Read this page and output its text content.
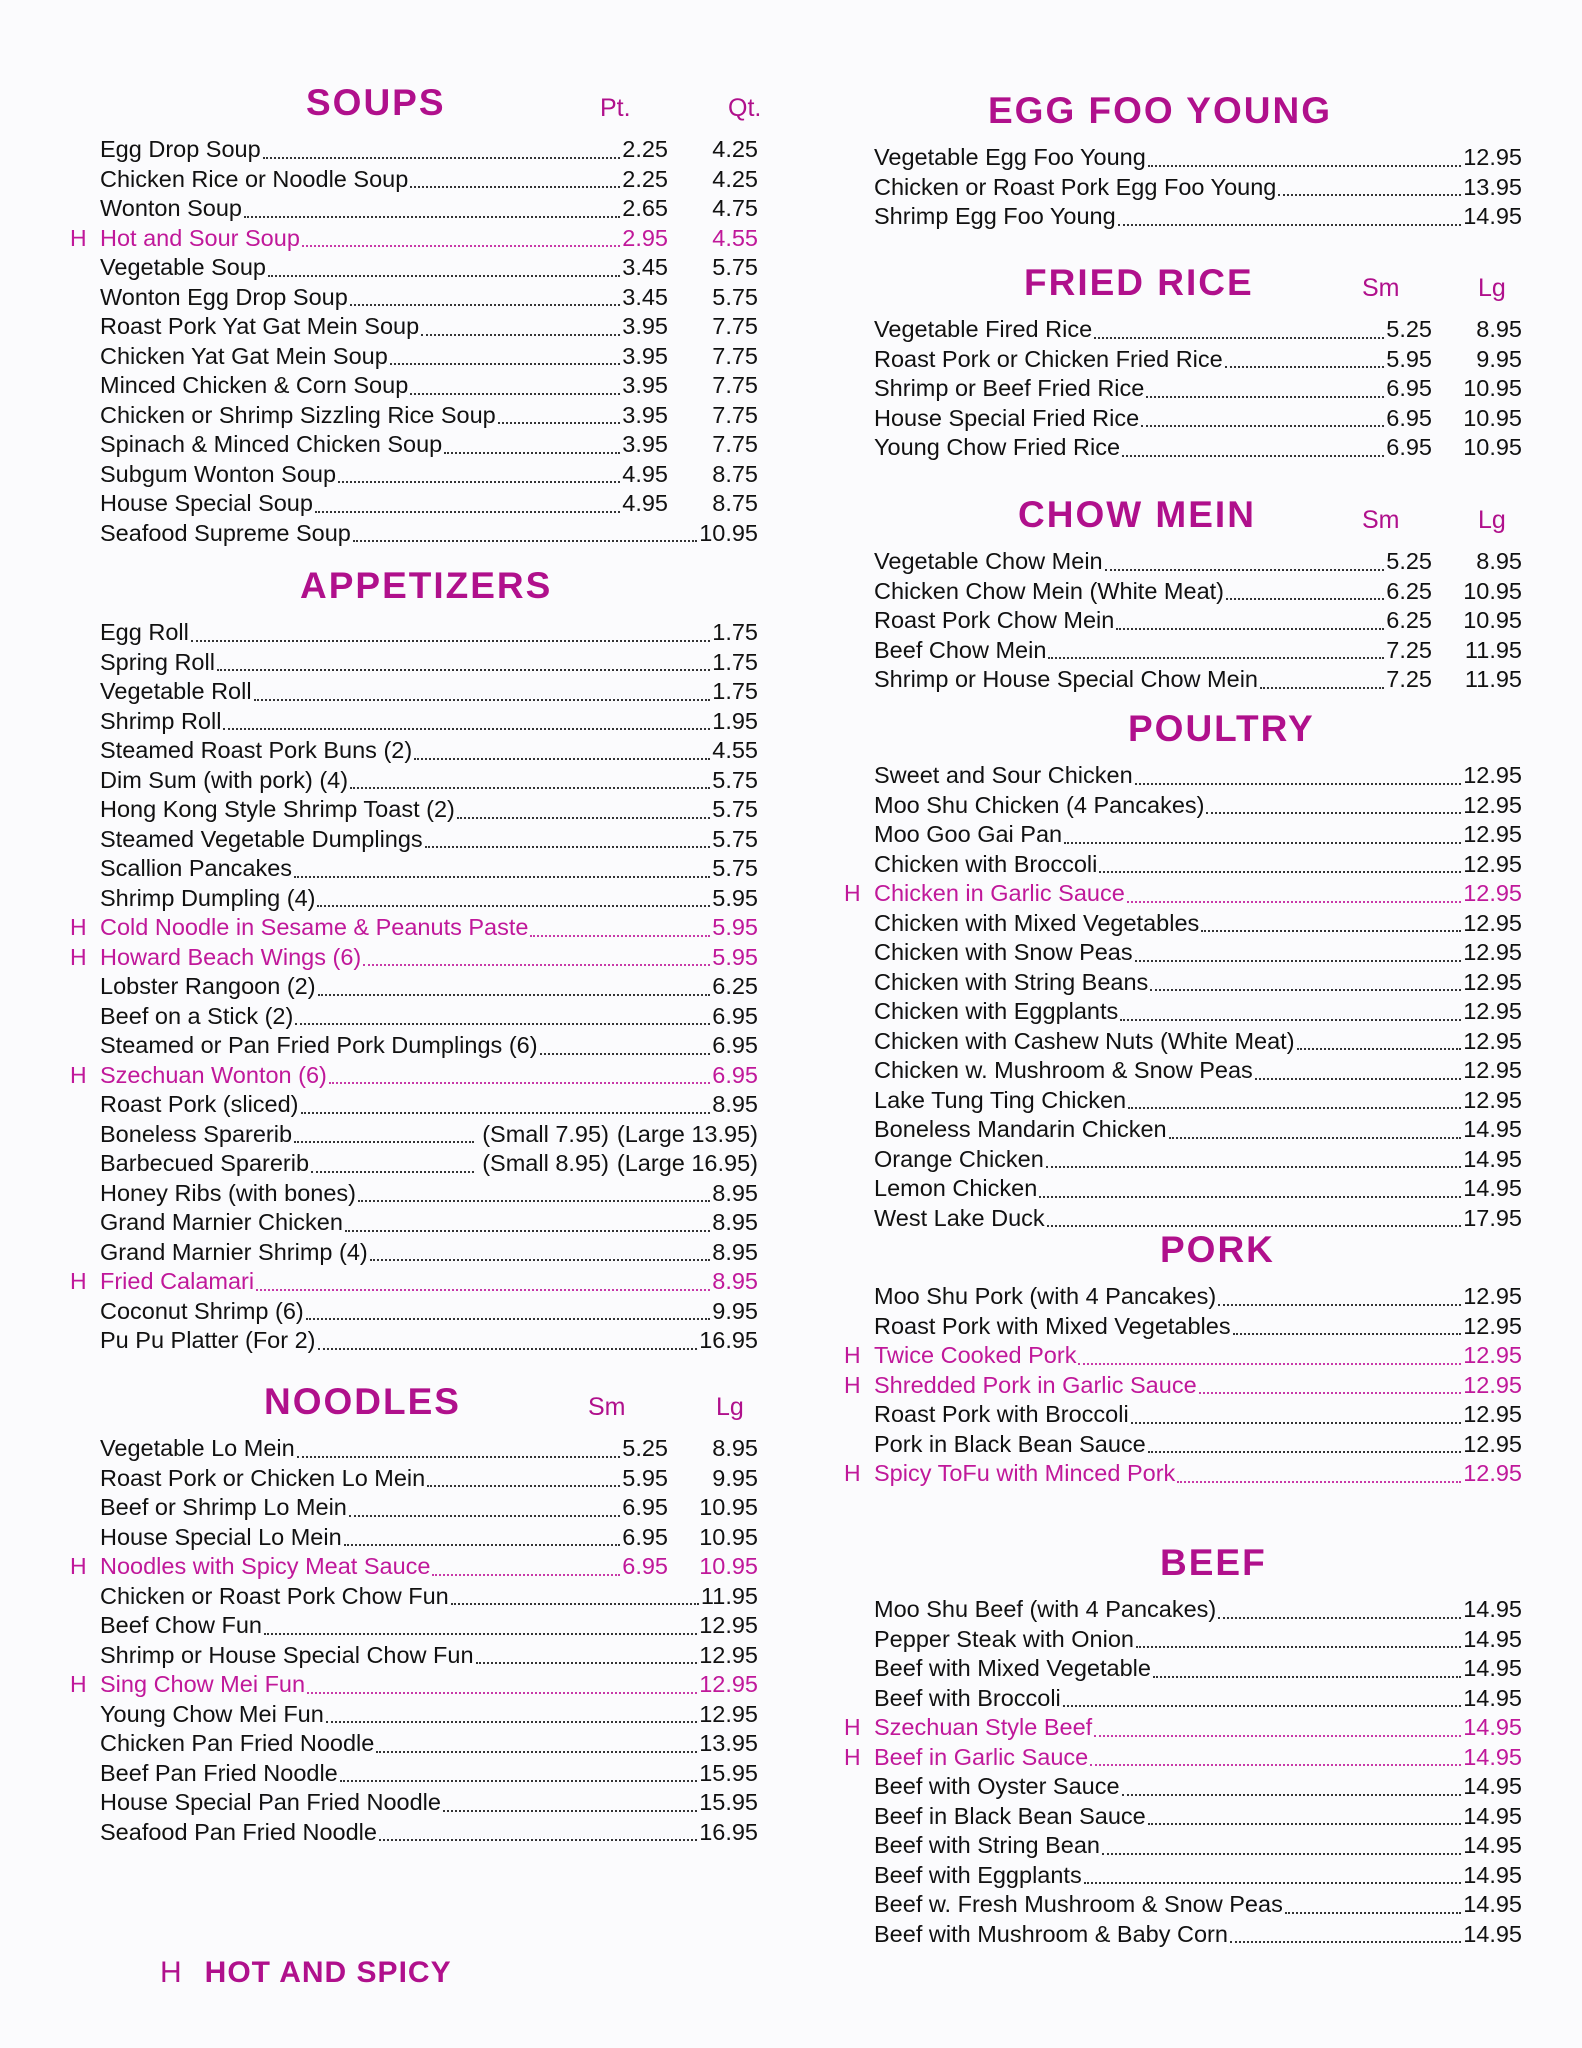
SOUPS	Pt.	Qt.
Egg Drop Soup	2.25	4.25
Chicken Rice or Noodle Soup	2.25	4.25
Wonton Soup	2.65	4.75
H Hot and Sour Soup	2.95	4.55
Vegetable Soup	3.45	5.75
Wonton Egg Drop Soup	3.45	5.75
Roast Pork Yat Gat Mein Soup	3.95	7.75
Chicken Yat Gat Mein Soup	3.95	7.75
Minced Chicken & Corn Soup	3.95	7.75
Chicken or Shrimp Sizzling Rice Soup	3.95	7.75
Spinach & Minced Chicken Soup	3.95	7.75
Subgum Wonton Soup	4.95	8.75
House Special Soup	4.95	8.75
Seafood Supreme Soup	10.95
APPETIZERS
Egg Roll	1.75
Spring Roll	1.75
Vegetable Roll	1.75
Shrimp Roll	1.95
Steamed Roast Pork Buns (2)	4.55
Dim Sum (with pork) (4)	5.75
Hong Kong Style Shrimp Toast (2)	5.75
Steamed Vegetable Dumplings	5.75
Scallion Pancakes	5.75
Shrimp Dumpling (4)	5.95
H Cold Noodle in Sesame & Peanuts Paste	5.95
H Howard Beach Wings (6)	5.95
Lobster Rangoon (2)	6.25
Beef on a Stick (2)	6.95
Steamed or Pan Fried Pork Dumplings (6)	6.95
H Szechuan Wonton (6)	6.95
Roast Pork (sliced)	8.95
Boneless Sparerib	(Small 7.95) (Large 13.95)
Barbecued Sparerib	(Small 8.95) (Large 16.95)
Honey Ribs (with bones)	8.95
Grand Marnier Chicken	8.95
Grand Marnier Shrimp (4)	8.95
H Fried Calamari	8.95
Coconut Shrimp (6)	9.95
Pu Pu Platter (For 2)	16.95
NOODLES	Sm	Lg
Vegetable Lo Mein	5.25	8.95
Roast Pork or Chicken Lo Mein	5.95	9.95
Beef or Shrimp Lo Mein	6.95	10.95
House Special Lo Mein	6.95	10.95
H Noodles with Spicy Meat Sauce	6.95	10.95
Chicken or Roast Pork Chow Fun	11.95
Beef Chow Fun	12.95
Shrimp or House Special Chow Fun	12.95
H Sing Chow Mei Fun	12.95
Young Chow Mei Fun	12.95
Chicken Pan Fried Noodle	13.95
Beef Pan Fried Noodle	15.95
House Special Pan Fried Noodle	15.95
Seafood Pan Fried Noodle	16.95
EGG FOO YOUNG
Vegetable Egg Foo Young	12.95
Chicken or Roast Pork Egg Foo Young	13.95
Shrimp Egg Foo Young	14.95
FRIED RICE	Sm	Lg
Vegetable Fired Rice	5.25	8.95
Roast Pork or Chicken Fried Rice	5.95	9.95
Shrimp or Beef Fried Rice	6.95	10.95
House Special Fried Rice	6.95	10.95
Young Chow Fried Rice	6.95	10.95
CHOW MEIN	Sm	Lg
Vegetable Chow Mein	5.25	8.95
Chicken Chow Mein (White Meat)	6.25	10.95
Roast Pork Chow Mein	6.25	10.95
Beef Chow Mein	7.25	11.95
Shrimp or House Special Chow Mein	7.25	11.95
POULTRY
Sweet and Sour Chicken	12.95
Moo Shu Chicken (4 Pancakes)	12.95
Moo Goo Gai Pan	12.95
Chicken with Broccoli	12.95
H Chicken in Garlic Sauce	12.95
Chicken with Mixed Vegetables	12.95
Chicken with Snow Peas	12.95
Chicken with String Beans	12.95
Chicken with Eggplants	12.95
Chicken with Cashew Nuts (White Meat)	12.95
Chicken w. Mushroom & Snow Peas	12.95
Lake Tung Ting Chicken	12.95
Boneless Mandarin Chicken	14.95
Orange Chicken	14.95
Lemon Chicken	14.95
West Lake Duck	17.95
PORK
Moo Shu Pork (with 4 Pancakes)	12.95
Roast Pork with Mixed Vegetables	12.95
H Twice Cooked Pork	12.95
H Shredded Pork in Garlic Sauce	12.95
Roast Pork with Broccoli	12.95
Pork in Black Bean Sauce	12.95
H Spicy ToFu with Minced Pork	12.95
BEEF
Moo Shu Beef (with 4 Pancakes)	14.95
Pepper Steak with Onion	14.95
Beef with Mixed Vegetable	14.95
Beef with Broccoli	14.95
H Szechuan Style Beef	14.95
H Beef in Garlic Sauce	14.95
Beef with Oyster Sauce	14.95
Beef in Black Bean Sauce	14.95
Beef with String Bean	14.95
Beef with Eggplants	14.95
Beef w. Fresh Mushroom & Snow Peas	14.95
Beef with Mushroom & Baby Corn	14.95
H HOT AND SPICY
